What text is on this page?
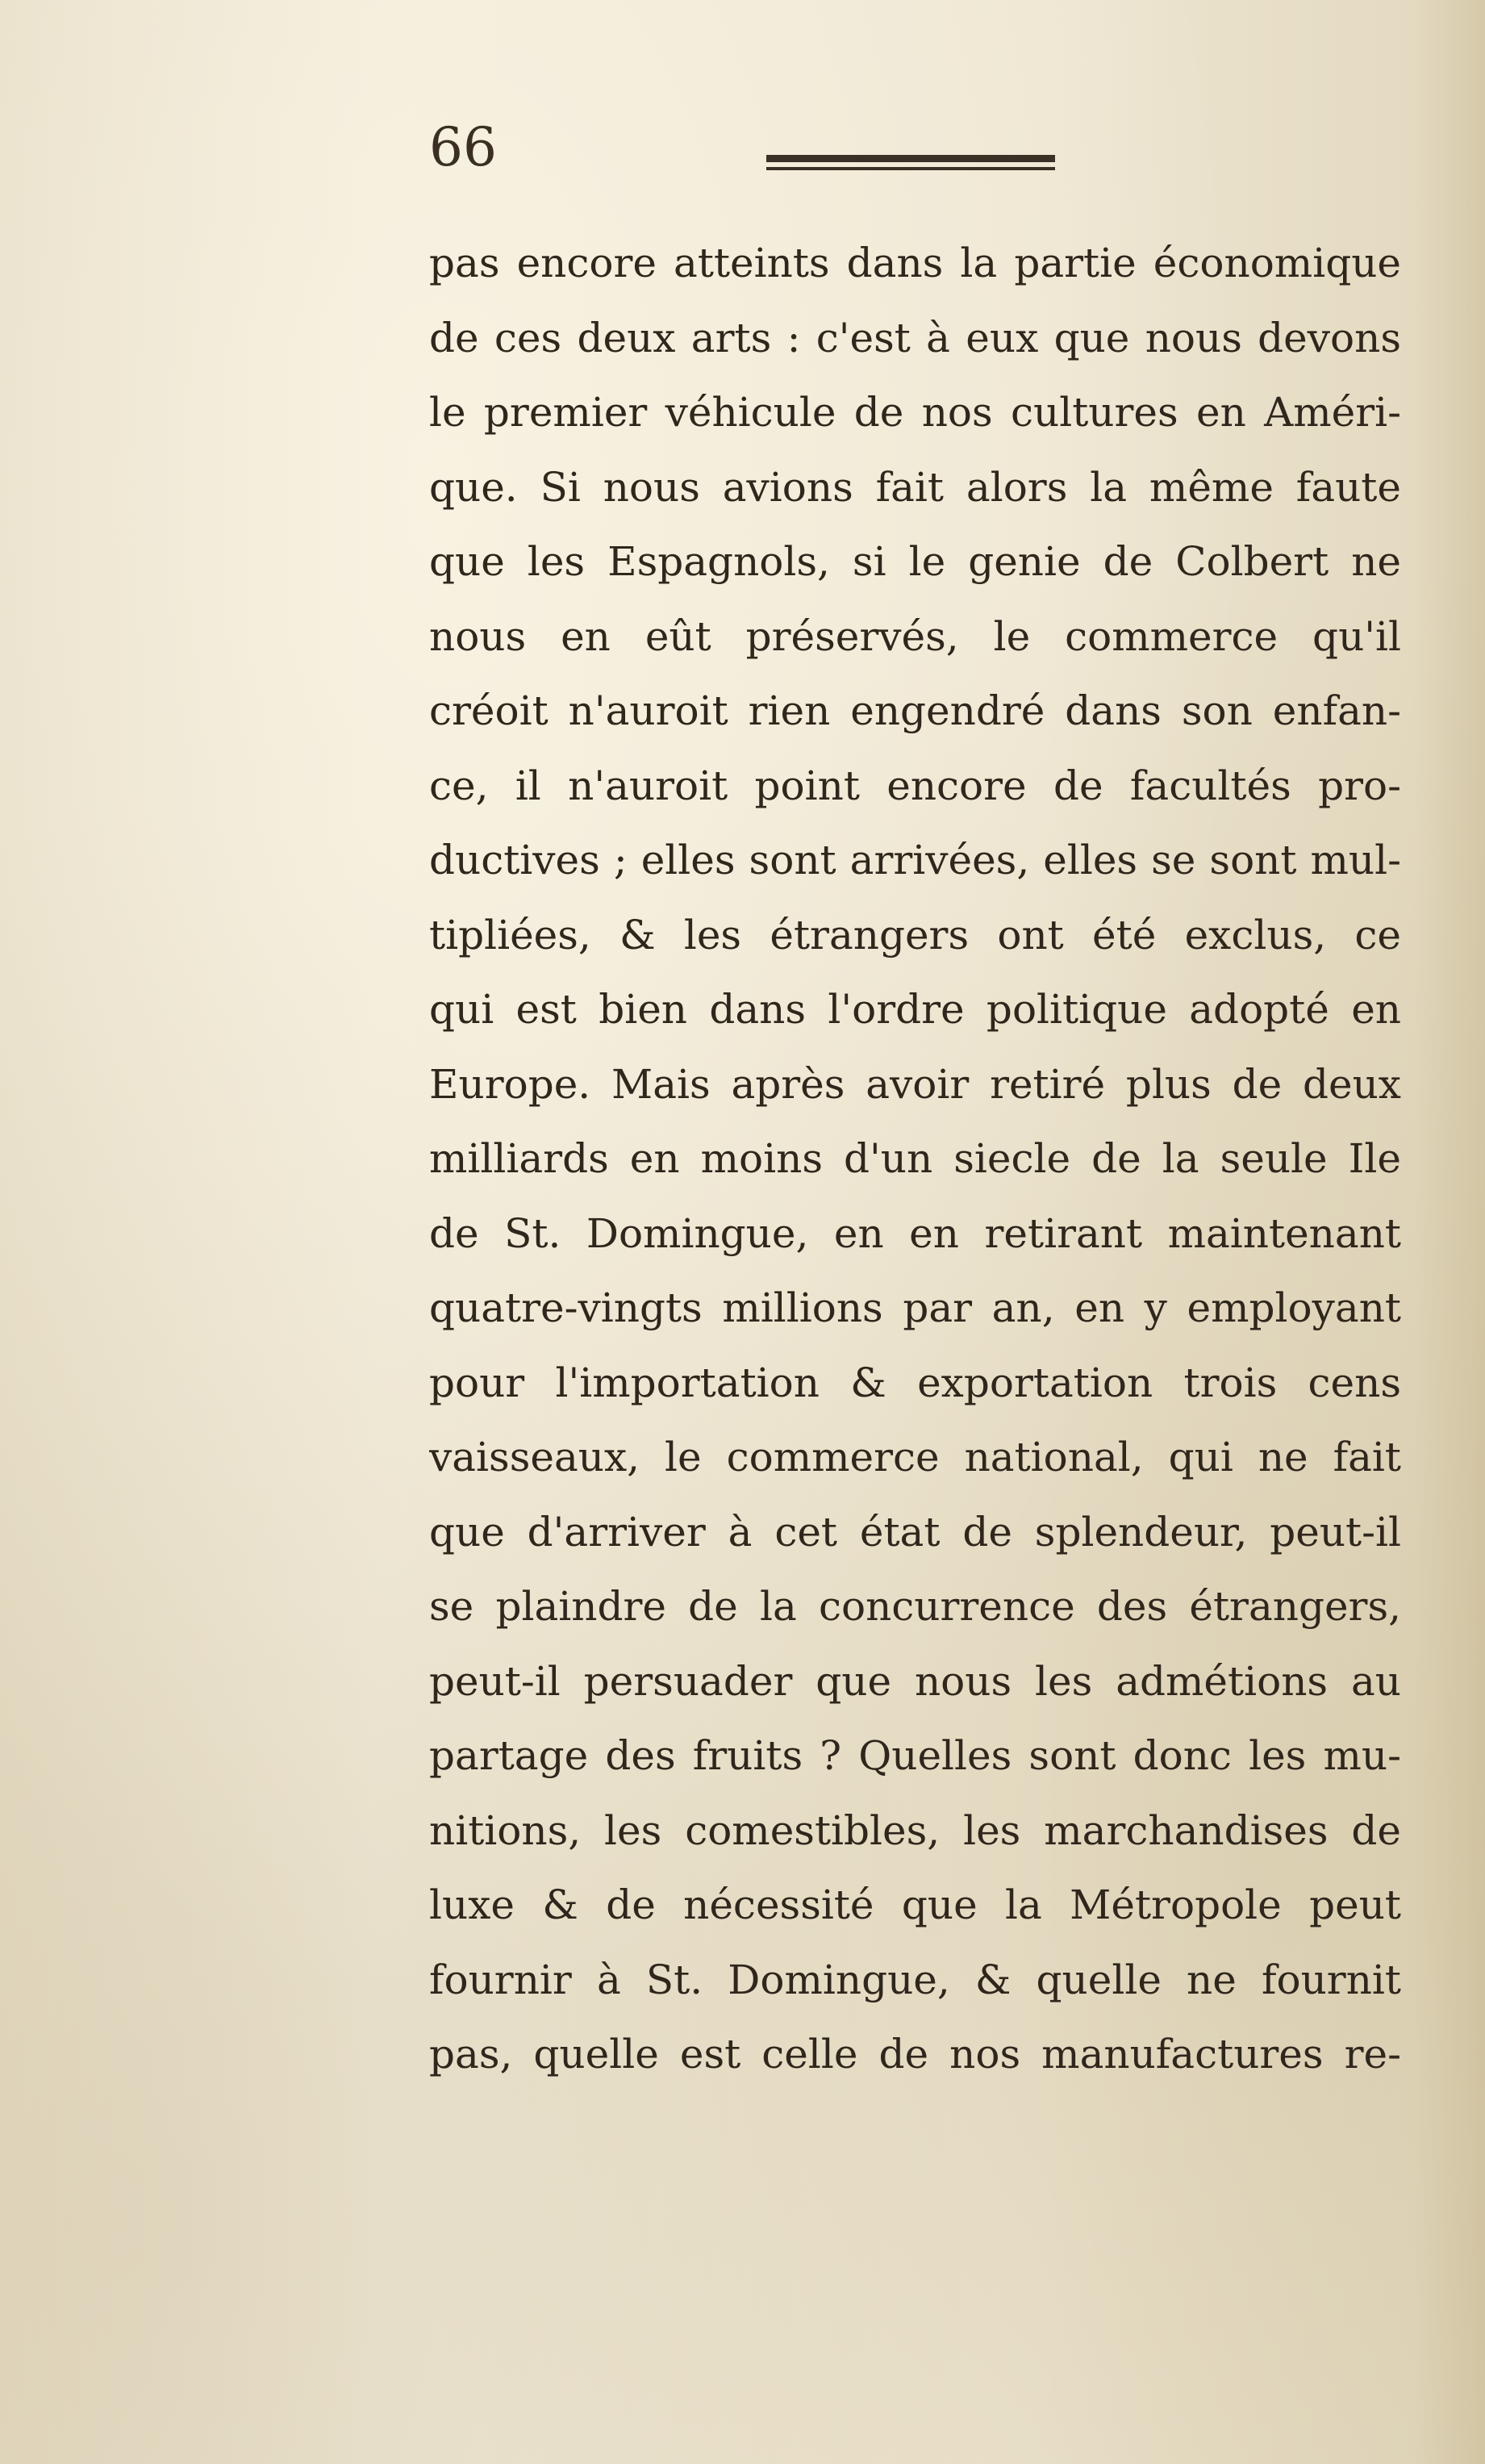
66
pas encore atteints dans la partie économique
de ces deux arts : c'est à eux que nous devons
le premier véhicule de nos cultures en Améri-
que. Si nous avions fait alors la même faute
que les Espagnols, si le genie de Colbert ne
nous en eût préservés, le commerce qu'il
créoit n'auroit rien engendré dans son enfan-
ce, il n'auroit point encore de facultés pro-
ductives ; elles sont arrivées, elles se sont mul-
tipliées, & les étrangers ont été exclus, ce
qui est bien dans l'ordre politique adopté en
Europe. Mais après avoir retiré plus de deux
milliards en moins d'un siecle de la seule Ile
de St. Domingue, en en retirant maintenant
quatre-vingts millions par an, en y employant
pour l'importation & exportation trois cens
vaisseaux, le commerce national, qui ne fait
que d'arriver à cet état de splendeur, peut-il
se plaindre de la concurrence des étrangers,
peut-il persuader que nous les admétions au
partage des fruits ? Quelles sont donc les mu-
nitions, les comestibles, les marchandises de
luxe & de nécessité que la Métropole peut
fournir à St. Domingue, & quelle ne fournit
pas, quelle est celle de nos manufactures re-
